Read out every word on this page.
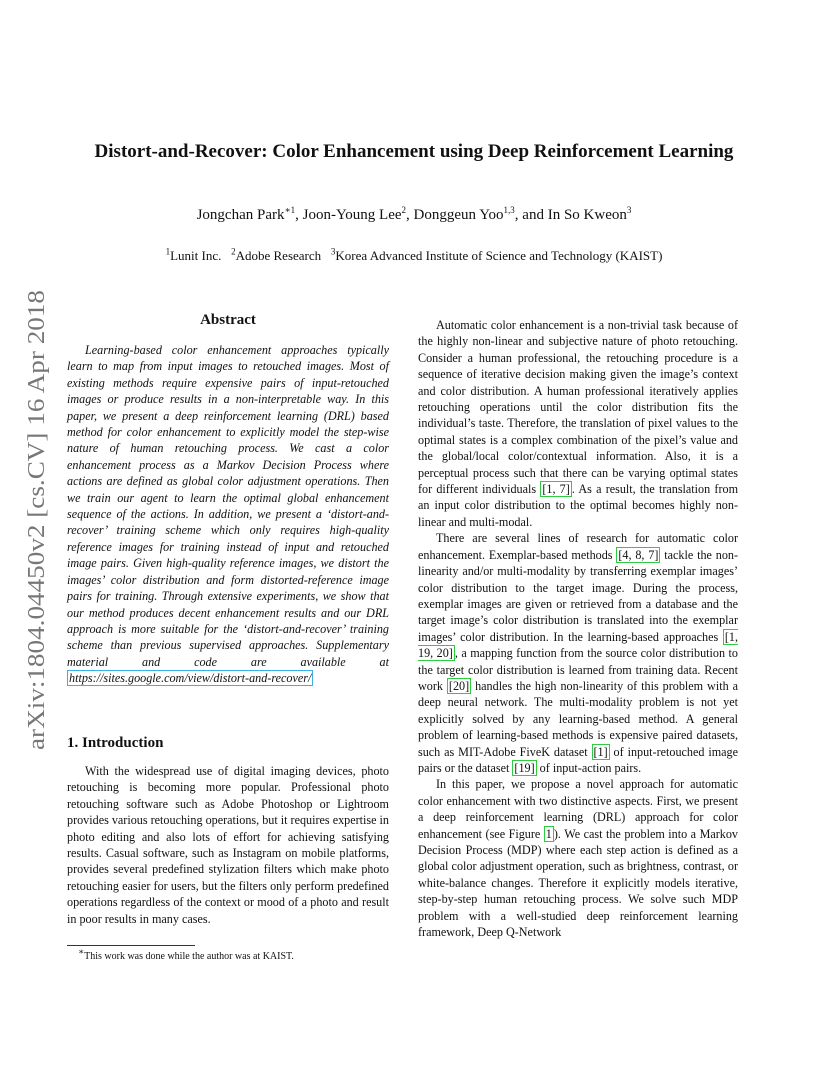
arXiv:1804.04450v2 [cs.CV] 16 Apr 2018
Distort-and-Recover: Color Enhancement using Deep Reinforcement Learning
Jongchan Park$^{∗1}$, Joon-Young Lee$^2$, Donggeun Yoo$^{1,3}$, and In So Kweon$^3$
$^1$Lunit Inc. $^2$Adobe Research $^3$Korea Advanced Institute of Science and Technology (KAIST)
Abstract

Learning-based color enhancement approaches typically learn to map from input images to retouched images. Most of existing methods require expensive pairs of input-retouched images or produce results in a non-interpretable way. In this paper, we present a deep reinforcement learning (DRL) based method for color enhancement to explicitly model the step-wise nature of human retouching process. We cast a color enhancement process as a Markov Decision Process where actions are defined as global color adjustment operations. Then we train our agent to learn the optimal global enhancement sequence of the actions. In addition, we present a ‘distort-and-recover’ training scheme which only requires high-quality reference images for training instead of input and retouched image pairs. Given high-quality reference images, we distort the images’ color distribution and form distorted-reference image pairs for training. Through extensive experiments, we show that our method produces decent enhancement results and our DRL approach is more suitable for the ‘distort-and-recover’ training scheme than previous supervised approaches. Supplementary material and code are available at https://sites.google.com/view/distort-and-recover/

1. Introduction

With the widespread use of digital imaging devices, photo retouching is becoming more popular. Professional photo retouching software such as Adobe Photoshop or Lightroom provides various retouching operations, but it requires expertise in photo editing and also lots of effort for achieving satisfying results. Casual software, such as Instagram on mobile platforms, provides several predefined stylization filters which make photo retouching easier for users, but the filters only perform predefined operations regardless of the context or mood of a photo and result in poor results in many cases.

∗This work was done while the author was at KAIST.

Automatic color enhancement is a non-trivial task because of the highly non-linear and subjective nature of photo retouching. Consider a human professional, the retouching procedure is a sequence of iterative decision making given the image’s context and color distribution. A human professional iteratively applies retouching operations until the color distribution fits the individual’s taste. Therefore, the translation of pixel values to the optimal states is a complex combination of the pixel’s value and the global/local color/contextual information. Also, it is a perceptual process such that there can be varying optimal states for different individuals [1, 7] . As a result, the translation from an input color distribution to the optimal becomes highly non-linear and multi-modal.

There are several lines of research for automatic color enhancement. Exemplar-based methods [4, 8, 7] tackle the non-linearity and/or multi-modality by transferring exemplar images’ color distribution to the target image. During the process, exemplar images are given or retrieved from a database and the target image’s color distribution is translated into the exemplar images’ color distribution. In the learning-based approaches [1, 19, 20] , a mapping function from the source color distribution to the target color distribution is learned from training data. Recent work [20] handles the high non-linearity of this problem with a deep neural network. The multi-modality problem is not yet explicitly solved by any learning-based method. A general problem of learning-based methods is expensive paired datasets, such as MIT-Adobe FiveK dataset [1] of input-retouched image pairs or the dataset [19] of input-action pairs.

In this paper, we propose a novel approach for automatic color enhancement with two distinctive aspects. First, we present a deep reinforcement learning (DRL) approach for color enhancement (see Figure 1 ). We cast the problem into a Markov Decision Process (MDP) where each step action is defined as a global color adjustment operation, such as brightness, contrast, or white-balance changes. Therefore it explicitly models iterative, step-by-step human retouching process. We solve such MDP problem with a well-studied deep reinforcement learning framework, Deep Q-Network
